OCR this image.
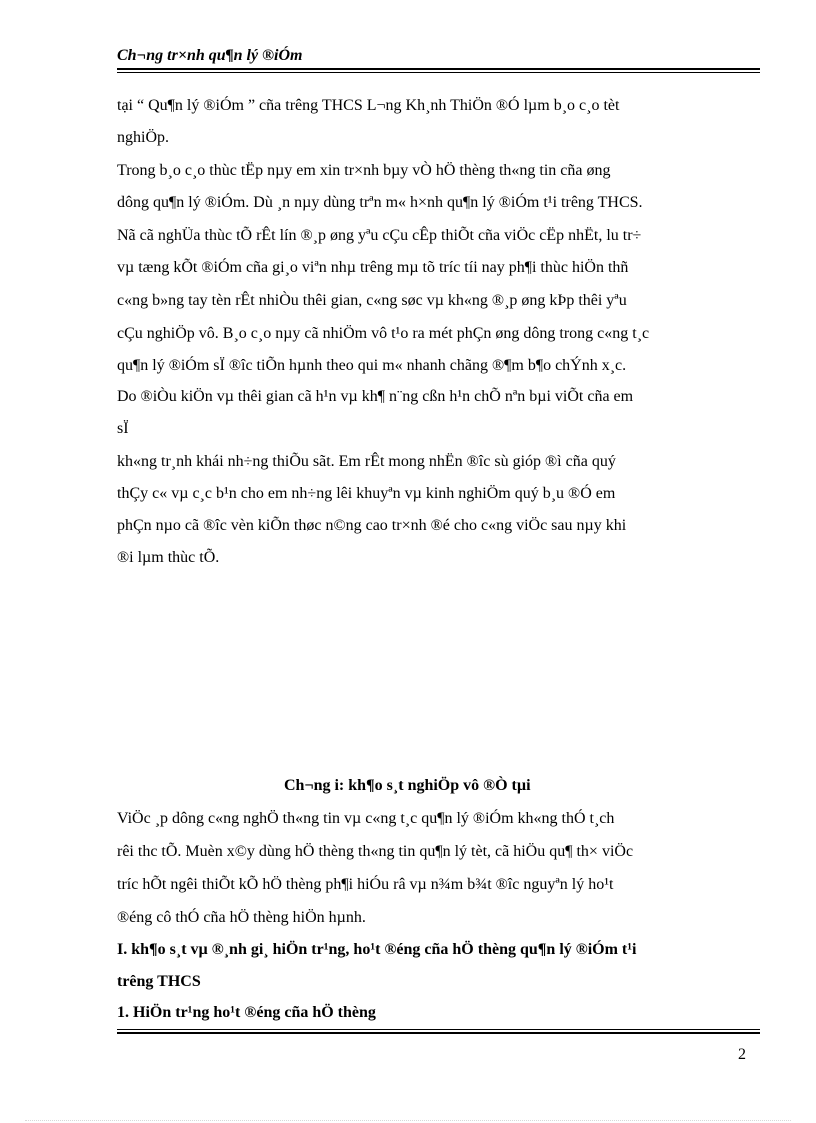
Ch¬ng tr×nh qu¶n lý ®iÓm
tại “ Qu¶n lý ®iÓm ” cña trêng THCS L¬ng Kh¸nh ThiÖn ®Ó lµm b¸o c¸o tèt
nghiÖp.
Trong b¸o c¸o thùc tËp nµy em xin tr×nh bµy vÒ hÖ thèng th«ng tin cña øng
dông qu¶n lý ®iÓm. Dù ¸n nµy dùng trªn m« h×nh qu¶n lý ®iÓm t¹i trêng THCS.
Nã cã nghÜa thùc tÕ rÊt lín ®¸p øng yªu cÇu cÊp thiÕt cña viÖc cËp nhËt, lu tr÷
vµ tæng kÕt ®iÓm cña gi¸o viªn nhµ trêng mµ tõ tríc tíi nay ph¶i thùc hiÖn thñ
c«ng b»ng tay tèn rÊt nhiÒu thêi gian, c«ng søc vµ kh«ng ®¸p øng kÞp thêi yªu
cÇu nghiÖp vô. B¸o c¸o nµy cã nhiÖm vô t¹o ra mét phÇn øng dông trong c«ng t¸c
qu¶n lý ®iÓm sÏ ®îc tiÕn hµnh theo qui m« nhanh chãng ®¶m b¶o chÝnh x¸c.
Do ®iÒu kiÖn vµ thêi gian cã h¹n vµ kh¶ n¨ng cßn h¹n chÕ nªn bµi viÕt cña em
sÏ
kh«ng tr¸nh khái nh÷ng thiÕu sãt. Em rÊt mong nhËn ®îc sù gióp ®ì cña quý
thÇy c« vµ c¸c b¹n cho em nh÷ng lêi khuyªn vµ kinh nghiÖm quý b¸u ®Ó em
phÇn nµo cã ®îc vèn kiÕn thøc n©ng cao tr×nh ®é cho c«ng viÖc sau nµy khi
®i lµm thùc tÕ.
Ch¬ng i: kh¶o s¸t nghiÖp vô ®Ò tµi
ViÖc ¸p dông c«ng nghÖ th«ng tin vµ c«ng t¸c qu¶n lý ®iÓm kh«ng thÓ t¸ch
rêi thc tÕ. Muèn x©y dùng hÖ thèng th«ng tin qu¶n lý tèt, cã hiÖu qu¶ th× viÖc
tríc hÕt ngêi thiÕt kÕ hÖ thèng ph¶i hiÓu râ vµ n¾m b¾t ®îc nguyªn lý ho¹t
®éng cô thÓ cña hÖ thèng hiÖn hµnh.
I. kh¶o s¸t vµ ®¸nh gi¸ hiÖn tr¹ng, ho¹t ®éng cña hÖ thèng qu¶n lý ®iÓm t¹i
trêng THCS
1. HiÖn tr¹ng ho¹t ®éng cña hÖ thèng
2
